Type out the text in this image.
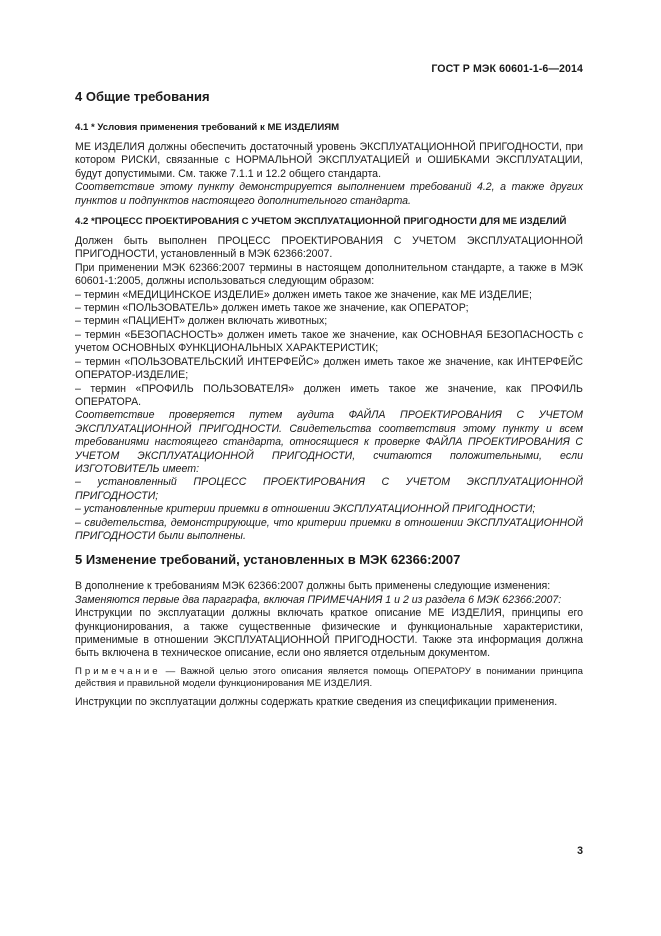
ГОСТ Р МЭК 60601-1-6—2014
4 Общие требования
4.1 * Условия применения требований к ME ИЗДЕЛИЯМ

ME ИЗДЕЛИЯ должны обеспечить достаточный уровень ЭКСПЛУАТАЦИОННОЙ ПРИГОДНОСТИ, при котором РИСКИ, связанные с НОРМАЛЬНОЙ ЭКСПЛУАТАЦИЕЙ и ОШИБКАМИ ЭКСПЛУАТАЦИИ, будут допустимыми. См. также 7.1.1 и 12.2 общего стандарта.

Соответствие этому пункту демонстрируется выполнением требований 4.2, а также других пунктов и подпунктов настоящего дополнительного стандарта.

4.2 *ПРОЦЕСС ПРОЕКТИРОВАНИЯ С УЧЕТОМ ЭКСПЛУАТАЦИОННОЙ ПРИГОДНОСТИ ДЛЯ ME ИЗДЕЛИЙ

Должен быть выполнен ПРОЦЕСС ПРОЕКТИРОВАНИЯ С УЧЕТОМ ЭКСПЛУАТАЦИОННОЙ ПРИГОДНОСТИ, установленный в МЭК 62366:2007.

При применении МЭК 62366:2007 термины в настоящем дополнительном стандарте, а также в МЭК 60601-1:2005, должны использоваться следующим образом:

– термин «МЕДИЦИНСКОЕ ИЗДЕЛИЕ» должен иметь такое же значение, как ME ИЗДЕЛИЕ;

– термин «ПОЛЬЗОВАТЕЛЬ» должен иметь такое же значение, как ОПЕРАТОР;

– термин «ПАЦИЕНТ» должен включать животных;

– термин «БЕЗОПАСНОСТЬ» должен иметь такое же значение, как ОСНОВНАЯ БЕЗОПАСНОСТЬ с учетом ОСНОВНЫХ ФУНКЦИОНАЛЬНЫХ ХАРАКТЕРИСТИК;

– термин «ПОЛЬЗОВАТЕЛЬСКИЙ ИНТЕРФЕЙС» должен иметь такое же значение, как ИНТЕРФЕЙС ОПЕРАТОР-ИЗДЕЛИЕ;

– термин «ПРОФИЛЬ ПОЛЬЗОВАТЕЛЯ» должен иметь такое же значение, как ПРОФИЛЬ ОПЕРАТОРА.

Соответствие проверяется путем аудита ФАЙЛА ПРОЕКТИРОВАНИЯ С УЧЕТОМ ЭКСПЛУАТАЦИОННОЙ ПРИГОДНОСТИ. Свидетельства соответствия этому пункту и всем требованиями настоящего стандарта, относящиеся к проверке ФАЙЛА ПРОЕКТИРОВАНИЯ С УЧЕТОМ ЭКСПЛУАТАЦИОННОЙ ПРИГОДНОСТИ, считаются положительными, если ИЗГОТОВИТЕЛЬ имеет:

– установленный ПРОЦЕСС ПРОЕКТИРОВАНИЯ С УЧЕТОМ ЭКСПЛУАТАЦИОННОЙ ПРИГОДНОСТИ;

– установленные критерии приемки в отношении ЭКСПЛУАТАЦИОННОЙ ПРИГОДНОСТИ;

– свидетельства, демонстрирующие, что критерии приемки в отношении ЭКСПЛУАТАЦИОННОЙ ПРИГОДНОСТИ были выполнены.

5 Изменение требований, установленных в МЭК 62366:2007

В дополнение к требованиям МЭК 62366:2007 должны быть применены следующие изменения:

Заменяются первые два параграфа, включая ПРИМЕЧАНИЯ 1 и 2 из раздела 6 МЭК 62366:2007:

Инструкции по эксплуатации должны включать краткое описание ME ИЗДЕЛИЯ, принципы его функционирования, а также существенные физические и функциональные характеристики, применимые в отношении ЭКСПЛУАТАЦИОННОЙ ПРИГОДНОСТИ. Также эта информация должна быть включена в техническое описание, если оно является отдельным документом.

Примечание — Важной целью этого описания является помощь ОПЕРАТОРУ в понимании принципа действия и правильной модели функционирования ME ИЗДЕЛИЯ.

Инструкции по эксплуатации должны содержать краткие сведения из спецификации применения.

3
